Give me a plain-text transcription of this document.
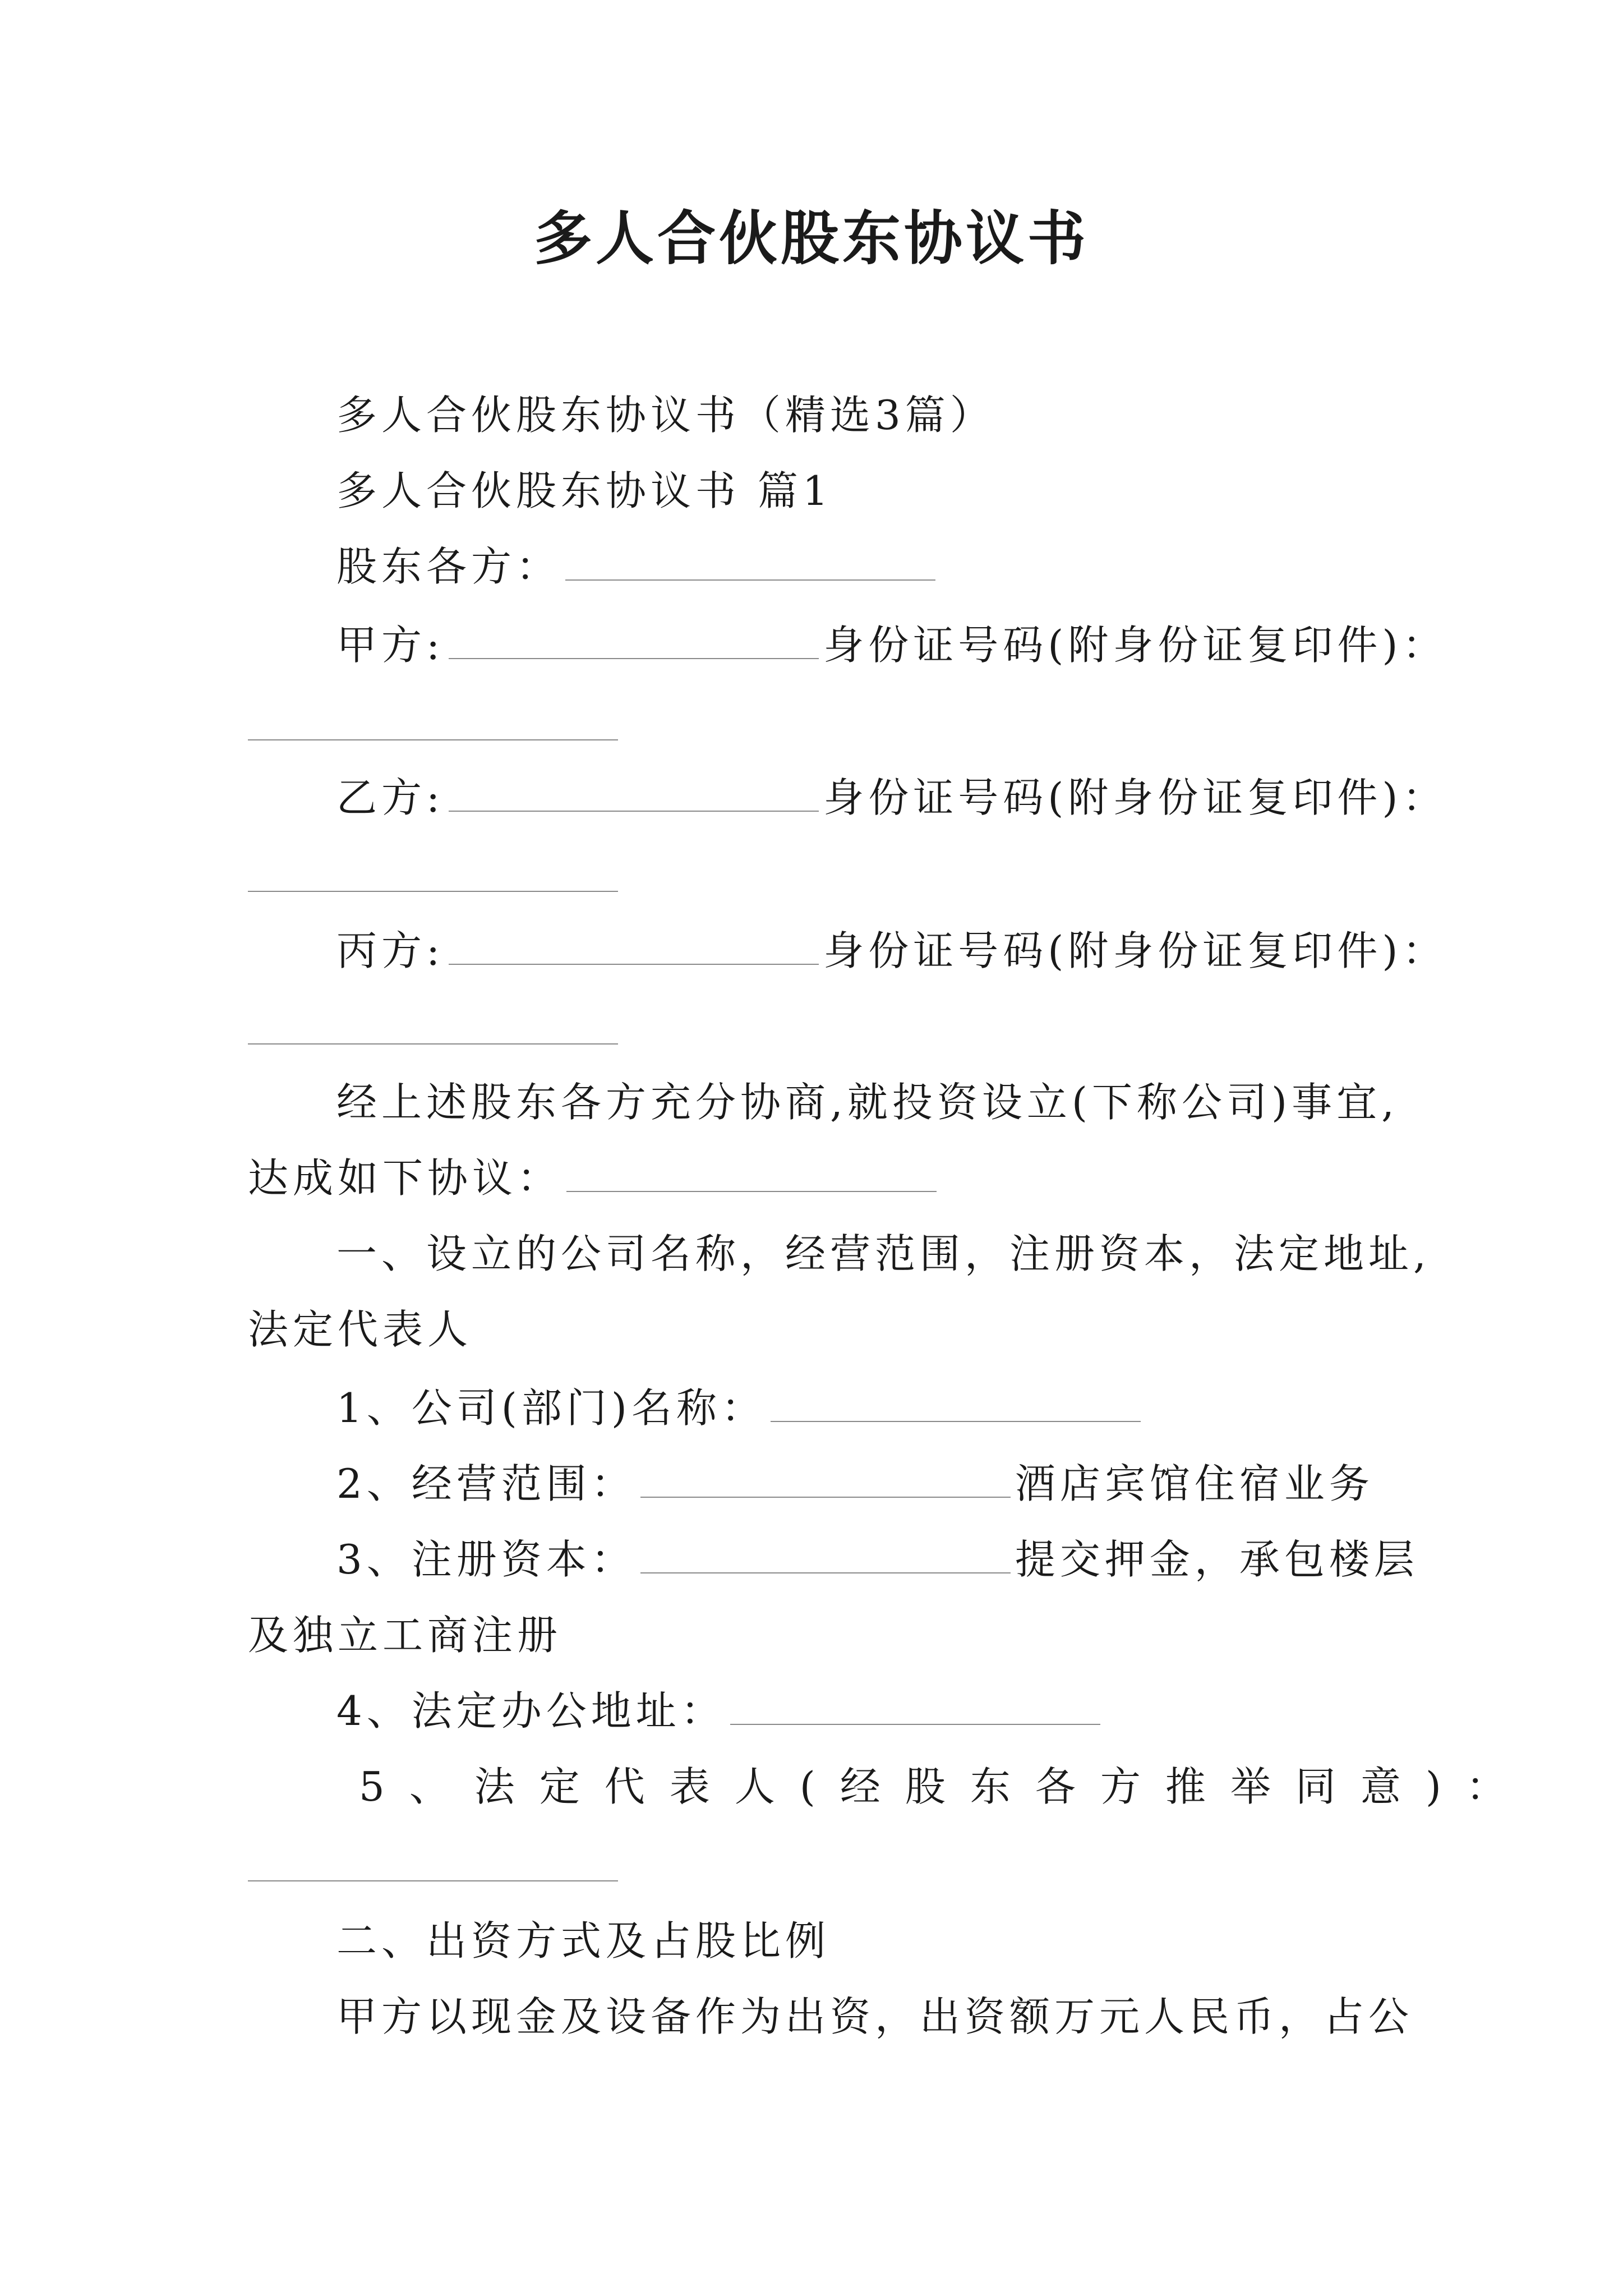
多人合伙股东协议书
多人合伙股东协议书（精选3篇）
多人合伙股东协议书 篇1
股东各方：
甲方:	身份证号码(附身份证复印件)：
乙方:	身份证号码(附身份证复印件)：
丙方:	身份证号码(附身份证复印件)：
经上述股东各方充分协商,就投资设立(下称公司)事宜,
达成如下协议：
一、设立的公司名称，经营范围，注册资本，法定地址,
法定代表人
1、公司(部门)名称：
2、经营范围：	酒店宾馆住宿业务
3、注册资本：	提交押金，承包楼层
及独立工商注册
4、法定办公地址：
5、法定代表人(经股东各方推举同意)：
二、出资方式及占股比例
甲方以现金及设备作为出资，出资额万元人民币，占公
